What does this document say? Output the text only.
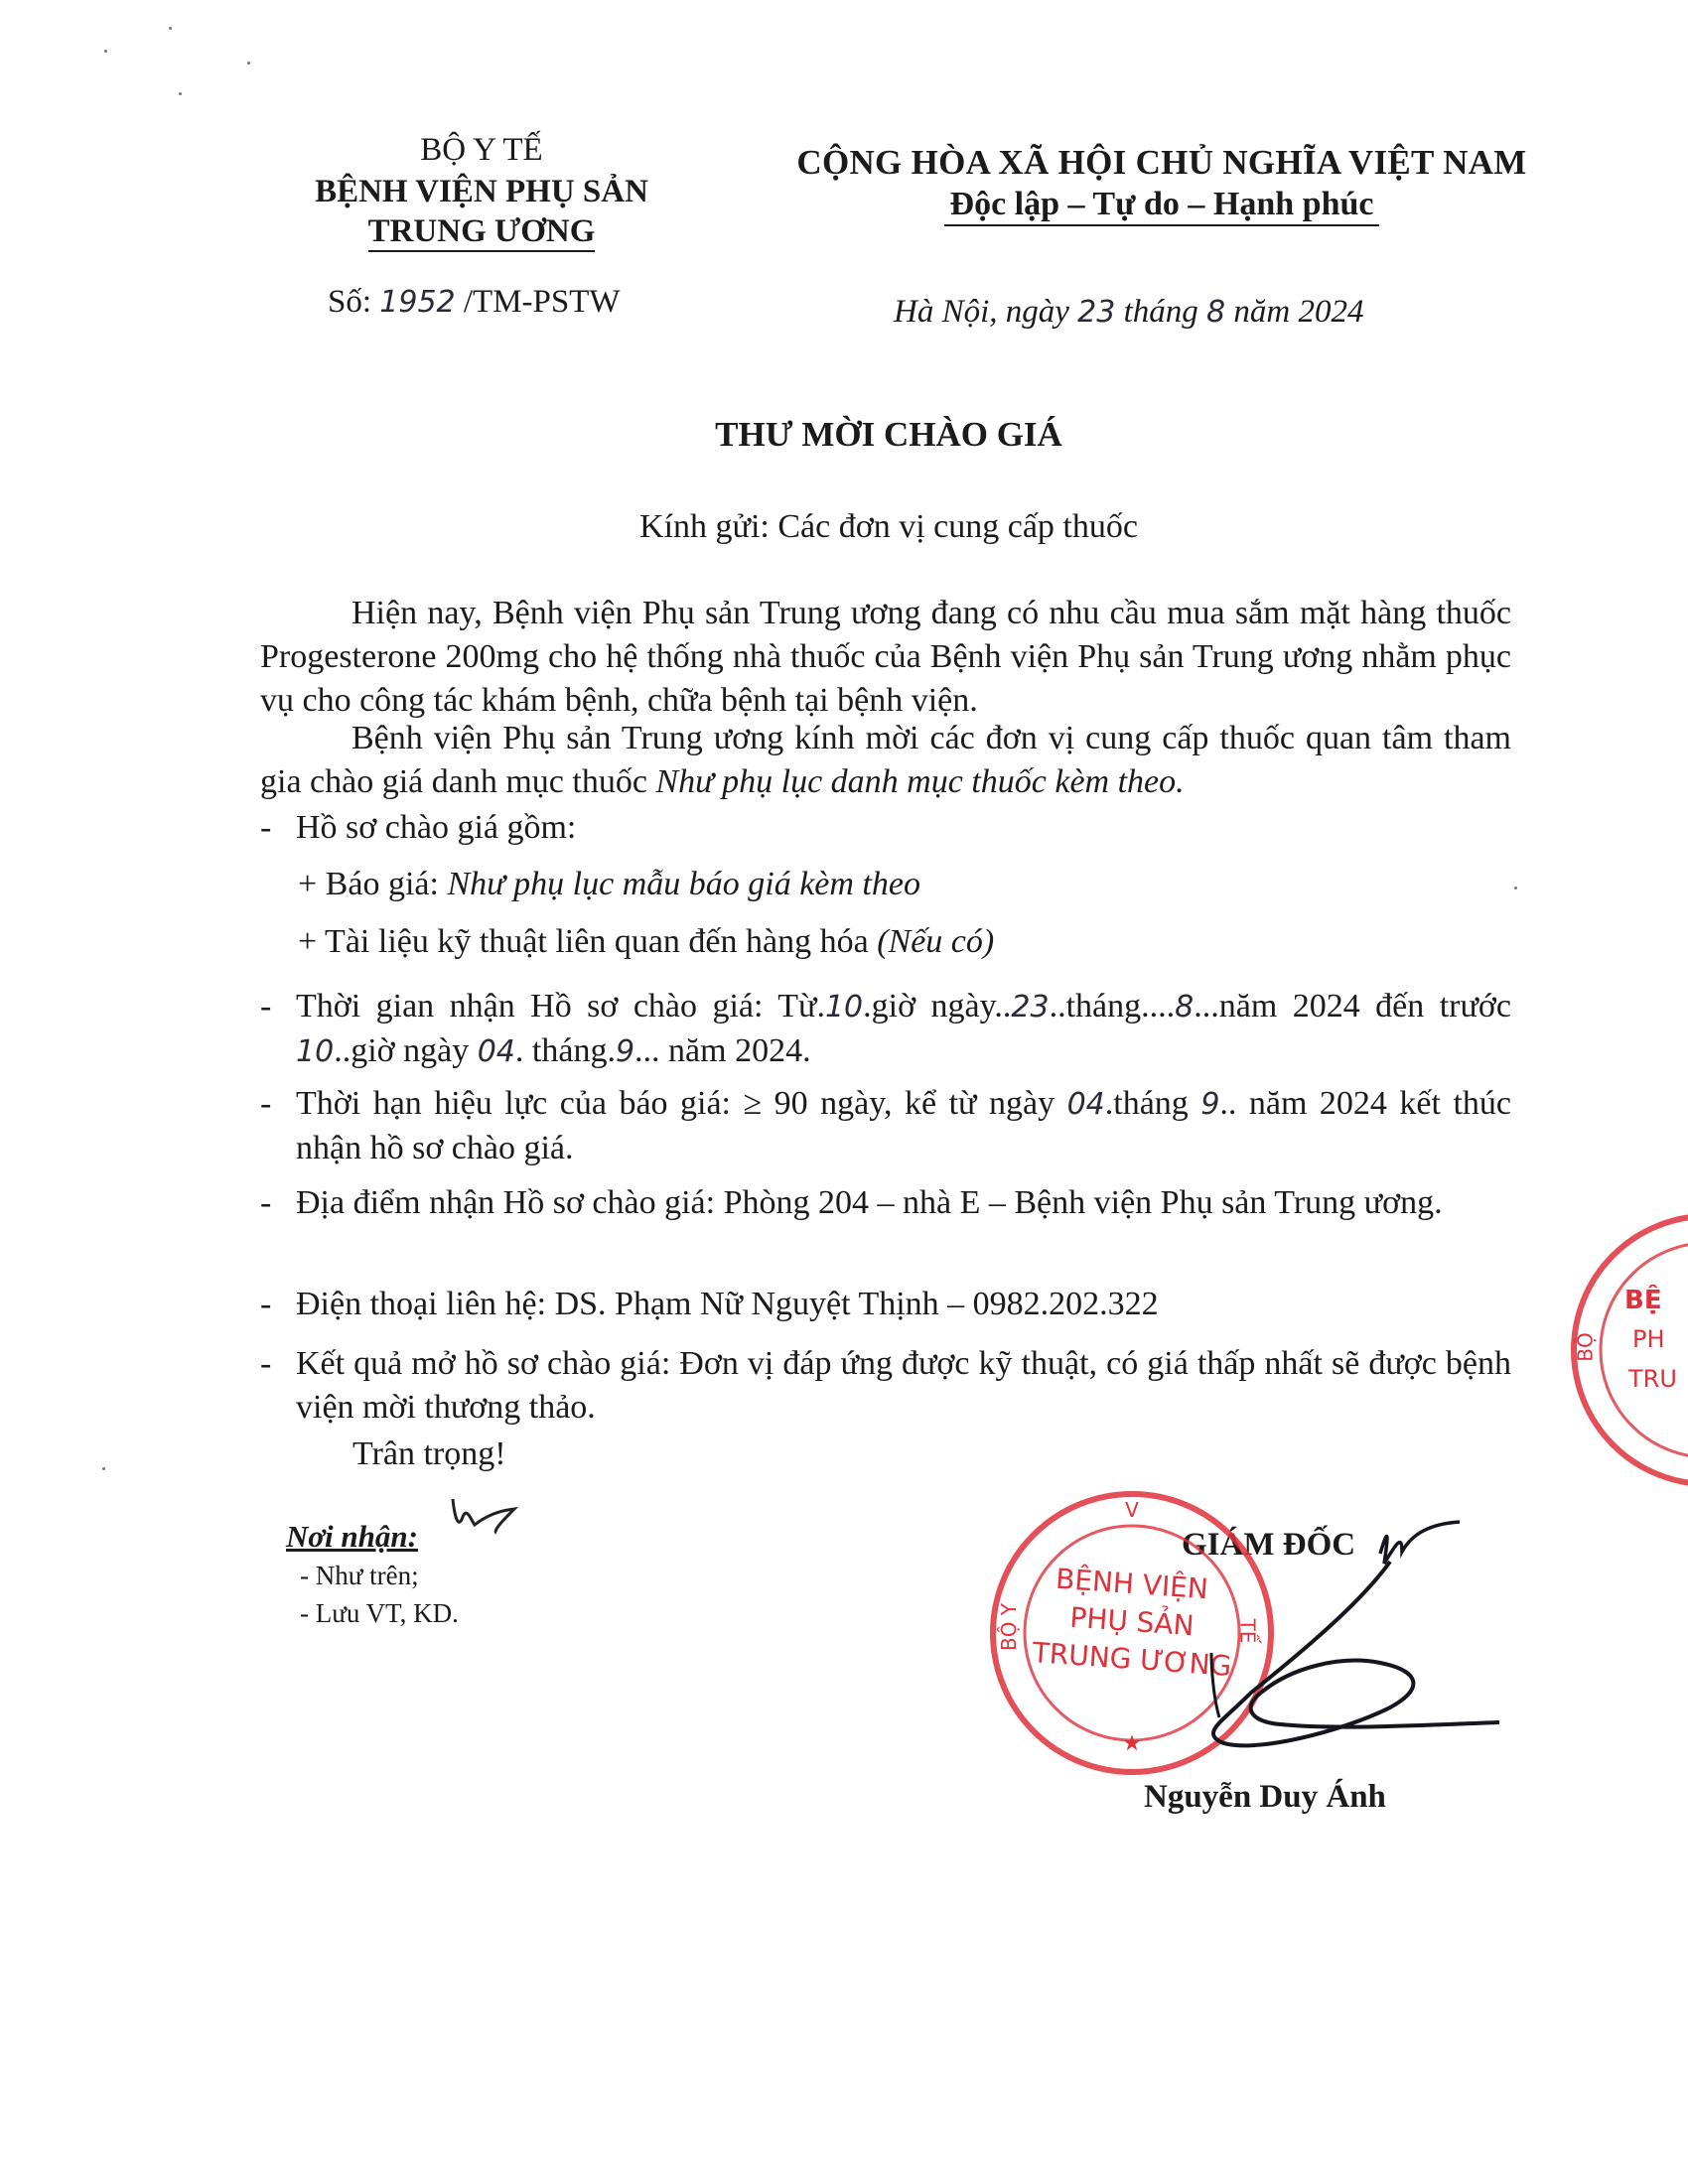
BỘ Y TẾ
BỆNH VIỆN PHỤ SẢN
TRUNG ƯƠNG
Số: 1952 /TM-PSTW
CỘNG HÒA XÃ HỘI CHỦ NGHĨA VIỆT NAM
Độc lập – Tự do – Hạnh phúc
Hà Nội, ngày 23 tháng 8 năm 2024
THƯ MỜI CHÀO GIÁ
Kính gửi: Các đơn vị cung cấp thuốc
Hiện nay, Bệnh viện Phụ sản Trung ương đang có nhu cầu mua sắm mặt hàng thuốc Progesterone 200mg cho hệ thống nhà thuốc của Bệnh viện Phụ sản Trung ương nhằm phục vụ cho công tác khám bệnh, chữa bệnh tại bệnh viện.
Bệnh viện Phụ sản Trung ương kính mời các đơn vị cung cấp thuốc quan tâm tham gia chào giá danh mục thuốc Như phụ lục danh mục thuốc kèm theo.
- Hồ sơ chào giá gồm:
+ Báo giá: Như phụ lục mẫu báo giá kèm theo
+ Tài liệu kỹ thuật liên quan đến hàng hóa (Nếu có)
- Thời gian nhận Hồ sơ chào giá: Từ.10.giờ ngày..23..tháng....8...năm 2024 đến trước 10..giờ ngày 04. tháng.9... năm 2024.
- Thời hạn hiệu lực của báo giá: ≥ 90 ngày, kể từ ngày 04.tháng 9.. năm 2024 kết thúc nhận hồ sơ chào giá.
- Địa điểm nhận Hồ sơ chào giá: Phòng 204 – nhà E – Bệnh viện Phụ sản Trung ương.
- Điện thoại liên hệ: DS. Phạm Nữ Nguyệt Thịnh – 0982.202.322
- Kết quả mở hồ sơ chào giá: Đơn vị đáp ứng được kỹ thuật, có giá thấp nhất sẽ được bệnh viện mời thương thảo.
Trân trọng!
Nơi nhận:
- Như trên;
- Lưu VT, KD.
GIÁM ĐỐC
V
BỘ Y	TẾ
BỆNH VIỆN
PHỤ SẢN
TRUNG ƯƠNG
★
Nguyễn Duy Ánh
BỘ
BỆ
PH
TRU
